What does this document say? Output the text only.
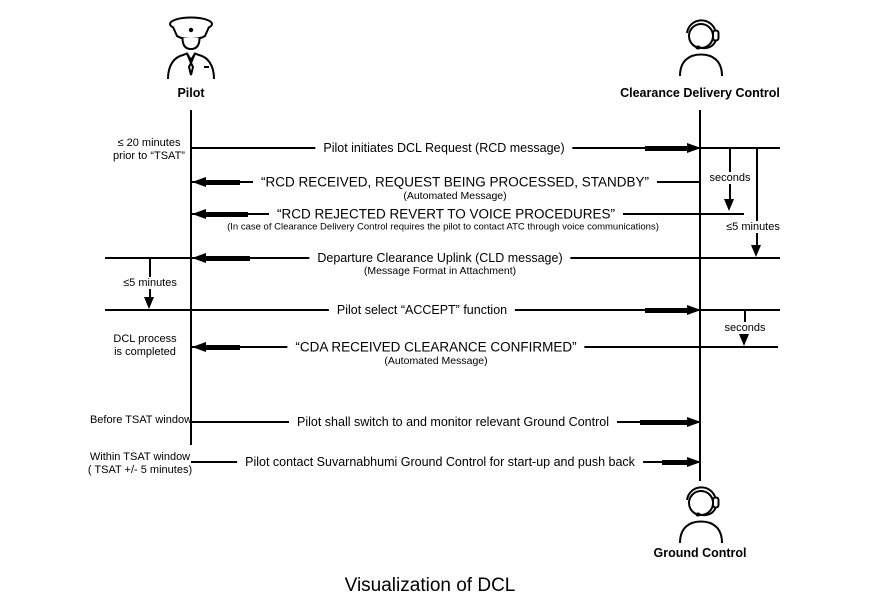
Pilot	Clearance Delivery Control
Ground Control
Pilot initiates DCL Request (RCD message)
“RCD RECEIVED, REQUEST BEING PROCESSED, STANDBY”
(Automated Message)
“RCD REJECTED REVERT TO VOICE PROCEDURES”
(In case of Clearance Delivery Control requires the pilot to contact ATC through voice communications)
Departure Clearance Uplink (CLD message)
(Message Format in Attachment)
Pilot select “ACCEPT” function
“CDA RECEIVED CLEARANCE CONFIRMED”
(Automated Message)
Pilot shall switch to and monitor relevant Ground Control
Pilot contact Suvarnabhumi Ground Control for start-up and push back
seconds
≤5 minutes
seconds
≤5 minutes
≤ 20 minutes
prior to “TSAT”
DCL process
is completed
Before TSAT window
Within TSAT window
( TSAT +/- 5 minutes)
Visualization of DCL
